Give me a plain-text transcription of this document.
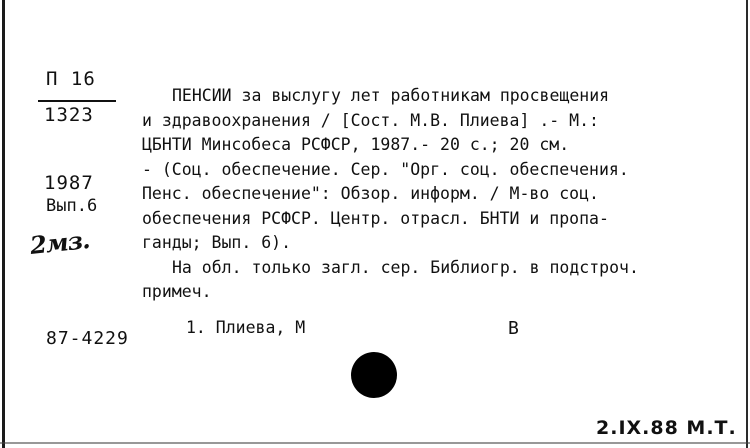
П 16
1323
1987
Вып.6
2мз.
ПЕНСИИ за выслугу лет работникам просвещения
и здравоохранения / [Сост. М.В. Плиева] .- М.:
ЦБНТИ Минсобеса РСФСР, 1987.- 20 с.; 20 см.
- (Соц. обеспечение. Сер. "Орг. соц. обеспечения.
Пенс. обеспечение": Обзор. информ. / М-во соц.
обеспечения РСФСР. Центр. отрасл. БНТИ и пропа-
ганды; Вып. 6).
На обл. только загл. сер. Библиогр. в подстроч.
примеч.
87-4229
1. Плиева, М	В
2.IX.88 М.Т.
